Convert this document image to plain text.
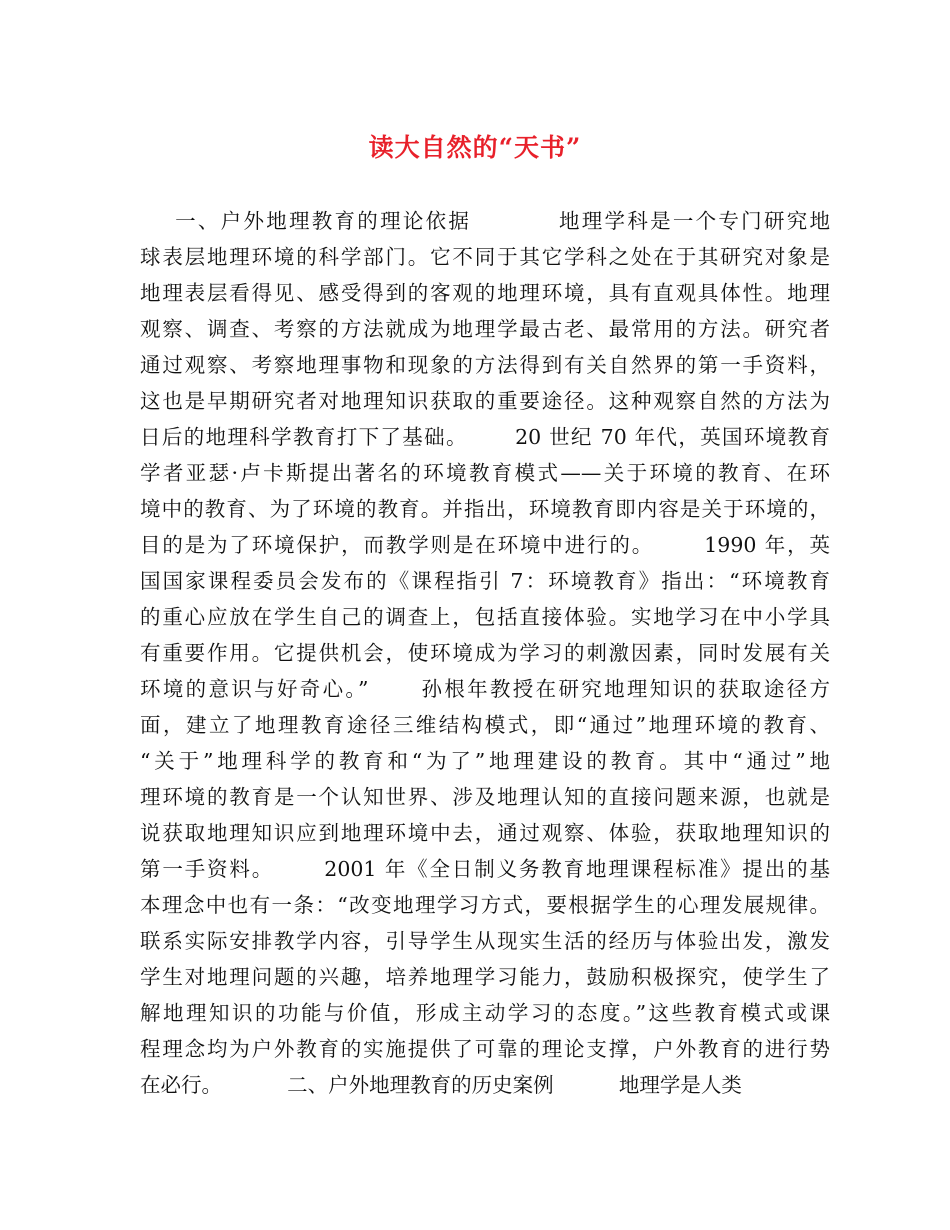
读大自然的“天书”
一、户外地理教育的理论依据          地理学科是一个专门研究地
球表层地理环境的科学部门。它不同于其它学科之处在于其研究对象是
地理表层看得见、感受得到的客观的地理环境，具有直观具体性。地理
观察、调查、考察的方法就成为地理学最古老、最常用的方法。研究者
通过观察、考察地理事物和现象的方法得到有关自然界的第一手资料，
这也是早期研究者对地理知识获取的重要途径。这种观察自然的方法为
日后的地理科学教育打下了基础。      20 世纪 70 年代，英国环境教育
学者亚瑟·卢卡斯提出著名的环境教育模式——关于环境的教育、在环
境中的教育、为了环境的教育。并指出，环境教育即内容是关于环境的，
目的是为了环境保护，而教学则是在环境中进行的。      1990 年，英
国国家课程委员会发布的《课程指引 7：环境教育》指出：“环境教育
的重心应放在学生自己的调查上，包括直接体验。实地学习在中小学具
有重要作用。它提供机会，使环境成为学习的刺激因素，同时发展有关
环境的意识与好奇心。”      孙根年教授在研究地理知识的获取途径方
面，建立了地理教育途径三维结构模式，即“通过”地理环境的教育、
“关于”地理科学的教育和“为了”地理建设的教育。其中“通过”地
理环境的教育是一个认知世界、涉及地理认知的直接问题来源，也就是
说获取地理知识应到地理环境中去，通过观察、体验，获取地理知识的
第一手资料。      2001 年《全日制义务教育地理课程标准》提出的基
本理念中也有一条：“改变地理学习方式，要根据学生的心理发展规律。
联系实际安排教学内容，引导学生从现实生活的经历与体验出发，激发
学生对地理问题的兴趣，培养地理学习能力，鼓励积极探究，使学生了
解地理知识的功能与价值，形成主动学习的态度。”这些教育模式或课
程理念均为户外教育的实施提供了可靠的理论支撑，户外教育的进行势
在必行。          二、户外地理教育的历史案例          地理学是人类
